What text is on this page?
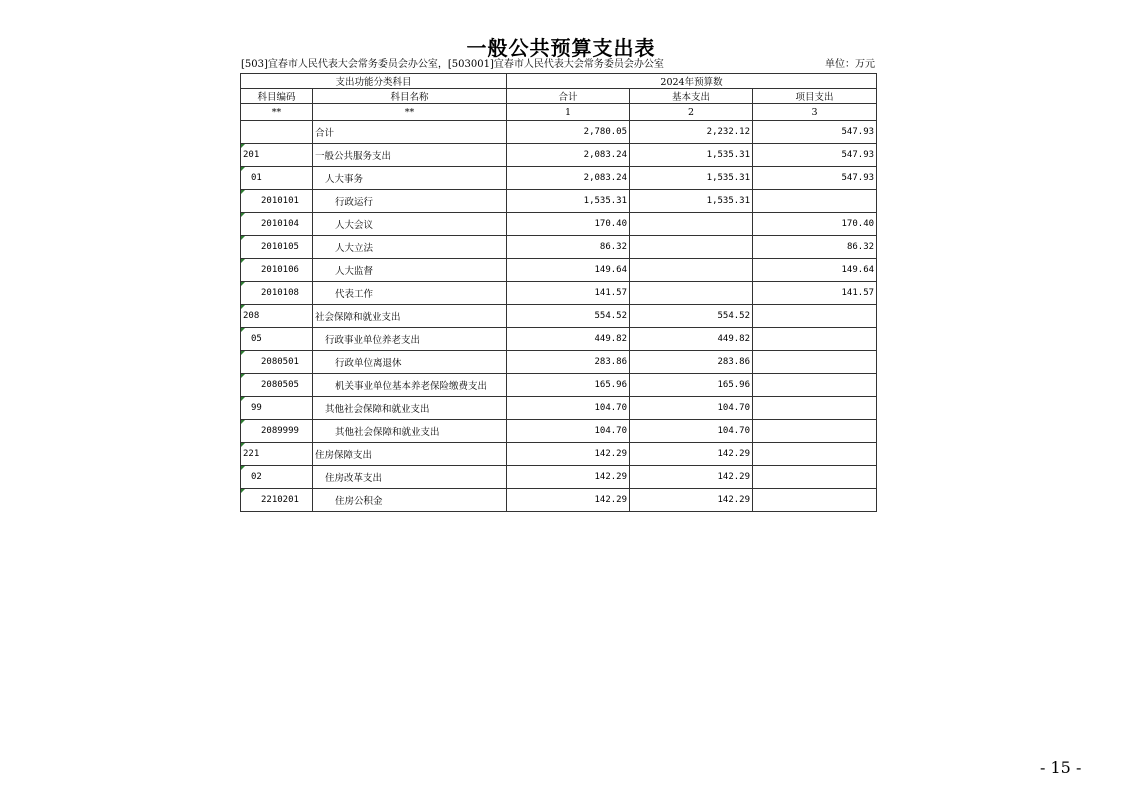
一般公共预算支出表
[503]宜春市人民代表大会常务委员会办公室，[503001]宜春市人民代表大会常务委员会办公室	单位：万元
支出功能分类科目		2024年预算数		
科目编码	科目名称	合计	基本支出	项目支出
**	**	1	2	3
	合计	2,780.05	2,232.12	547.93
201	一般公共服务支出	2,083.24	1,535.31	547.93
01	人大事务	2,083.24	1,535.31	547.93
2010101	行政运行	1,535.31	1,535.31	
2010104	人大会议	170.40		170.40
2010105	人大立法	86.32		86.32
2010106	人大监督	149.64		149.64
2010108	代表工作	141.57		141.57
208	社会保障和就业支出	554.52	554.52	
05	行政事业单位养老支出	449.82	449.82	
2080501	行政单位离退休	283.86	283.86	
2080505	机关事业单位基本养老保险缴费支出	165.96	165.96	
99	其他社会保障和就业支出	104.70	104.70	
2089999	其他社会保障和就业支出	104.70	104.70	
221	住房保障支出	142.29	142.29	
02	住房改革支出	142.29	142.29	
2210201	住房公积金	142.29	142.29	
- 15 -
